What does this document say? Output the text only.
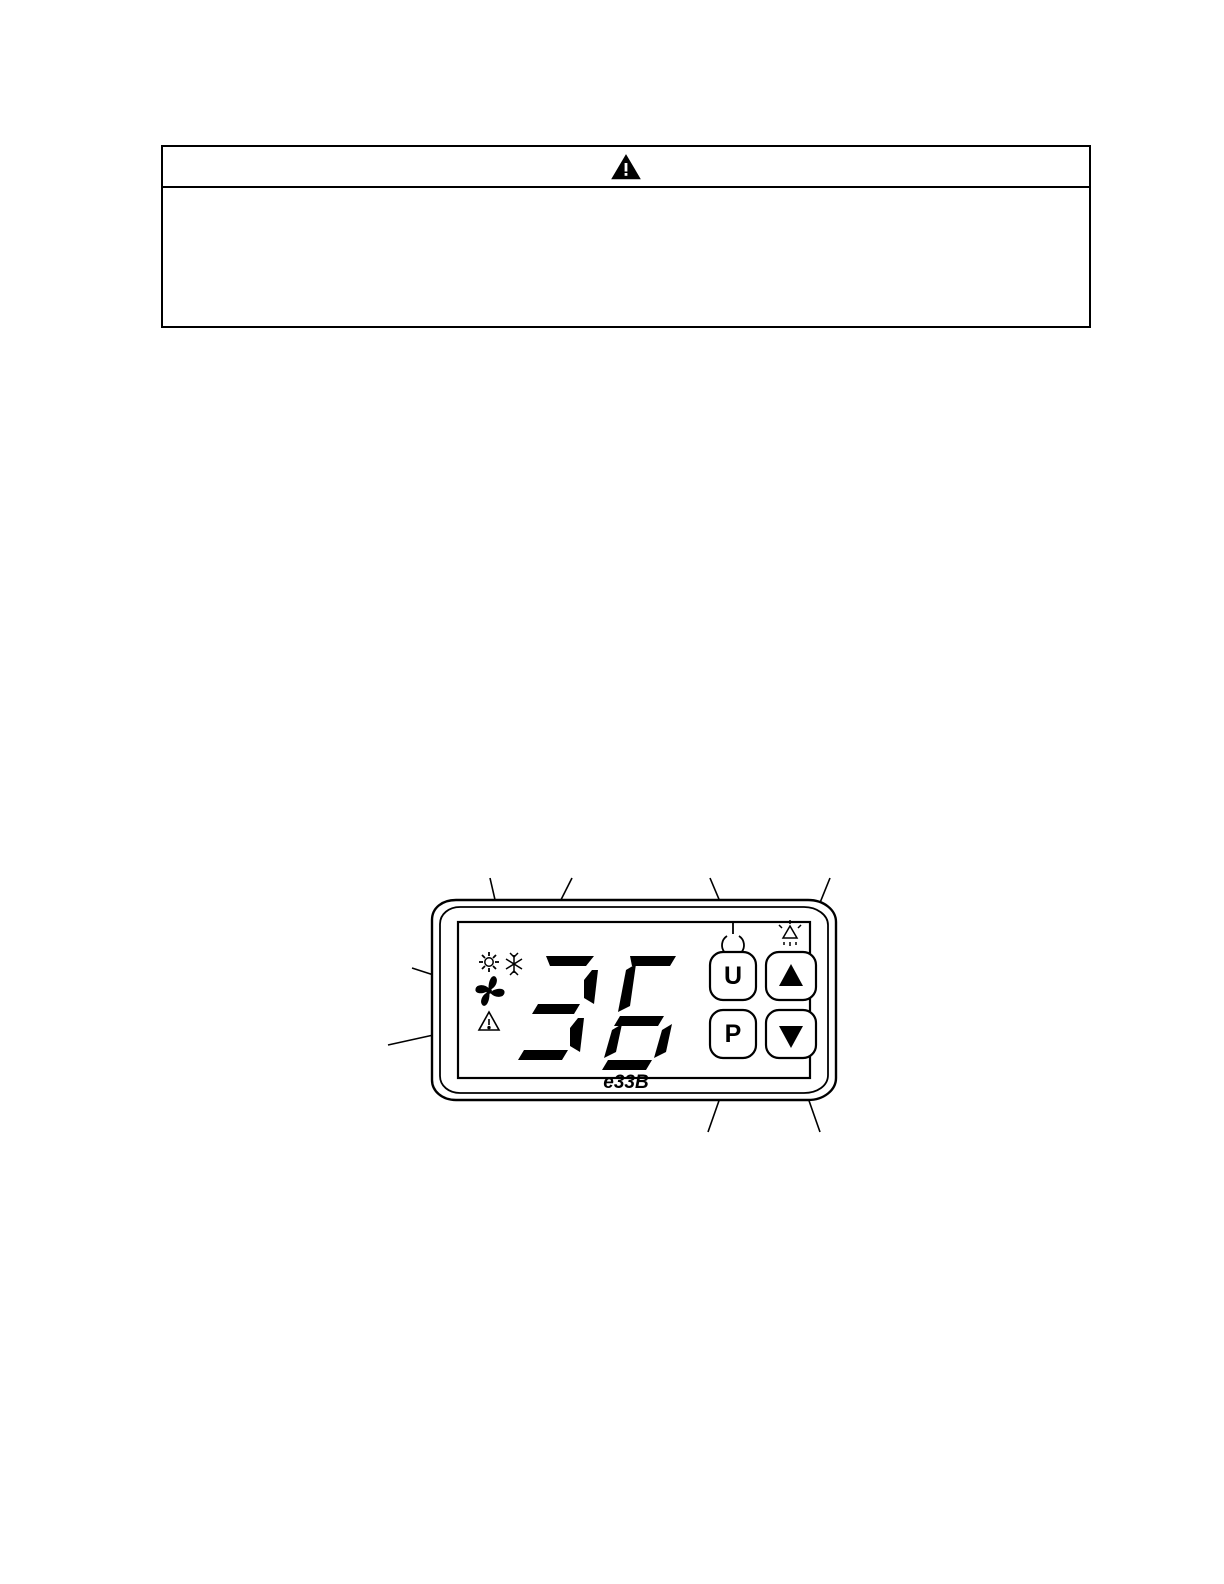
U
P
e33B
